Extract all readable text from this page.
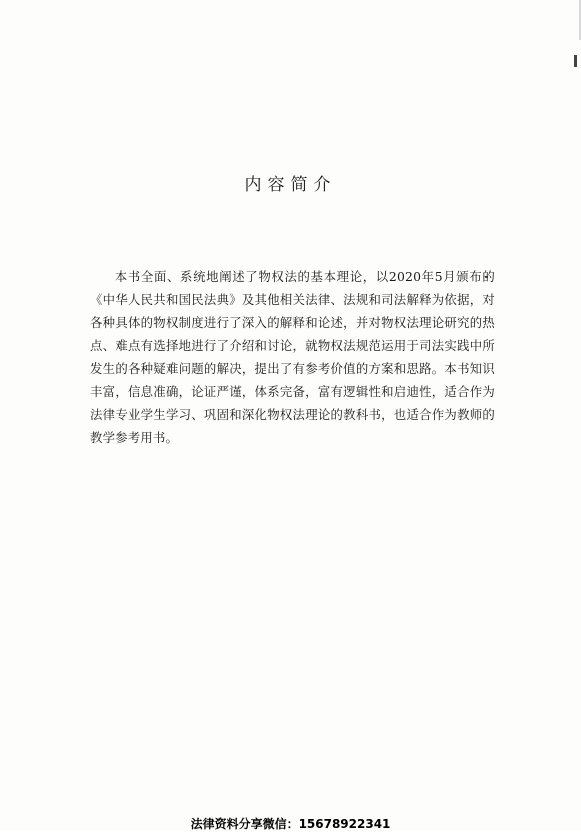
内容简介

本书全面、系统地阐述了物权法的基本理论，以2020年5月颁布的《中华人民共和国民法典》及其他相关法律、法规和司法解释为依据，对各种具体的物权制度进行了深入的解释和论述，并对物权法理论研究的热点、难点有选择地进行了介绍和讨论，就物权法规范运用于司法实践中所发生的各种疑难问题的解决，提出了有参考价值的方案和思路。本书知识丰富，信息准确，论证严谨，体系完备，富有逻辑性和启迪性，适合作为法律专业学生学习、巩固和深化物权法理论的教科书，也适合作为教师的教学参考用书。

法律资料分享微信：15678922341
